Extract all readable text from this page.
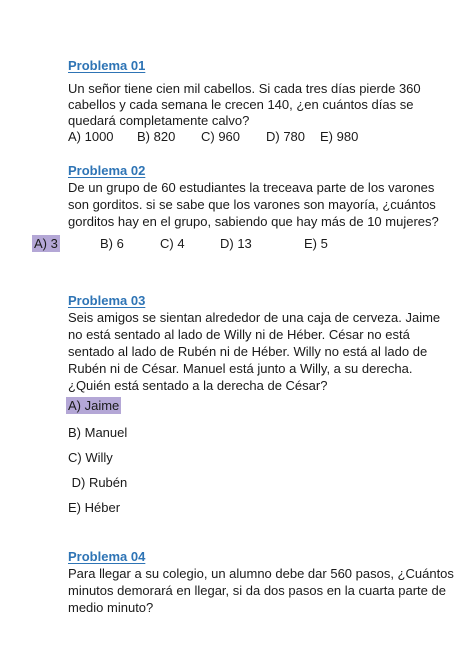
Problema 01
Un señor tiene cien mil cabellos. Si cada tres días pierde 360
cabellos y cada semana le crecen 140, ¿en cuántos días se
quedará completamente calvo?
A) 1000 B) 820 C) 960 D) 780 E) 980
Problema 02
De un grupo de 60 estudiantes la treceava parte de los varones
son gorditos. si se sabe que los varones son mayoría, ¿cuántos
gorditos hay en el grupo, sabiendo que hay más de 10 mujeres?
A) 3	B) 6	C) 4	D) 13	E) 5
Problema 03
Seis amigos se sientan alrededor de una caja de cerveza. Jaime
no está sentado al lado de Willy ni de Héber. César no está
sentado al lado de Rubén ni de Héber. Willy no está al lado de
Rubén ni de César. Manuel está junto a Willy, a su derecha.
¿Quién está sentado a la derecha de César?
A) Jaime
B) Manuel
C) Willy
D) Rubén
E) Héber
Problema 04
Para llegar a su colegio, un alumno debe dar 560 pasos, ¿Cuántos
minutos demorará en llegar, si da dos pasos en la cuarta parte de
medio minuto?
